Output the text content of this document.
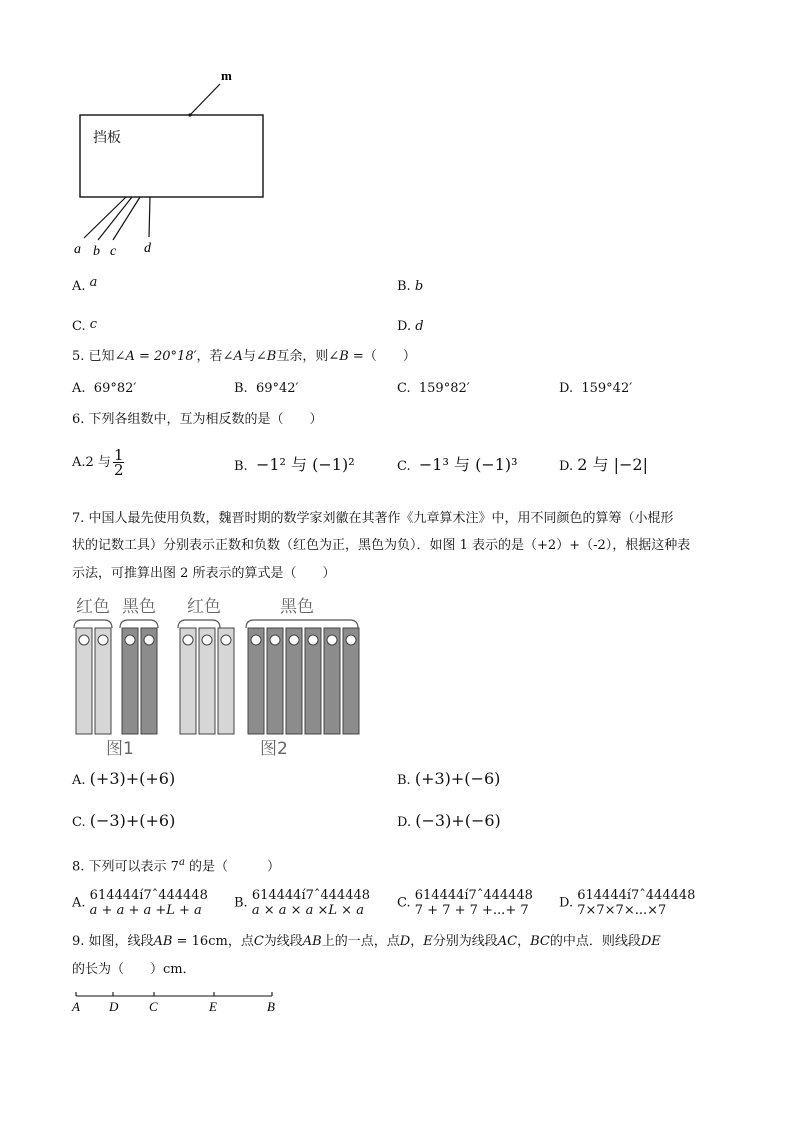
m
a b c d
挡板
A. a	B. b
C. c	D. d
5. 已知∠A = 20°18′，若∠A与∠B互余，则∠B =（　　）
A. 69°82′	B. 69°42′	C. 159°82′	D. 159°42′
6. 下列各组数中，互为相反数的是（　　）
A.2 与 $\frac{1}{2}$	B. −1² 与 (−1)²	C. −1³ 与 (−1)³	D. 2 与 |−2|
7. 中国人最先使用负数，魏晋时期的数学家刘徽在其著作《九章算术注》中，用不同颜色的算筹（小棍形
状的记数工具）分别表示正数和负数（红色为正，黑色为负）．如图 1 表示的是（+2）+（-2），根据这种表
示法，可推算出图 2 所表示的算式是（　　）
红色 黑色 红色	黑色
图1	图2
A. (+3)+(+6)	B. (+3)+(−6)
C. (−3)+(+6)	D. (−3)+(−6)
8. 下列可以表示 7$^a$ 的是（　　　）
A. 614444í7ˆ444448
a + a + a +L + a	B. 614444í7ˆ444448
a × a × a ×L × a	C. 614444í7ˆ444448
7 + 7 + 7 +...+ 7	D. 614444í7ˆ444448
7×7×7×...×7
9. 如图，线段AB = 16cm，点C为线段AB上的一点，点D，E分别为线段AC，BC的中点．则线段DE
的长为（　　）cm．
A D C	E	B
